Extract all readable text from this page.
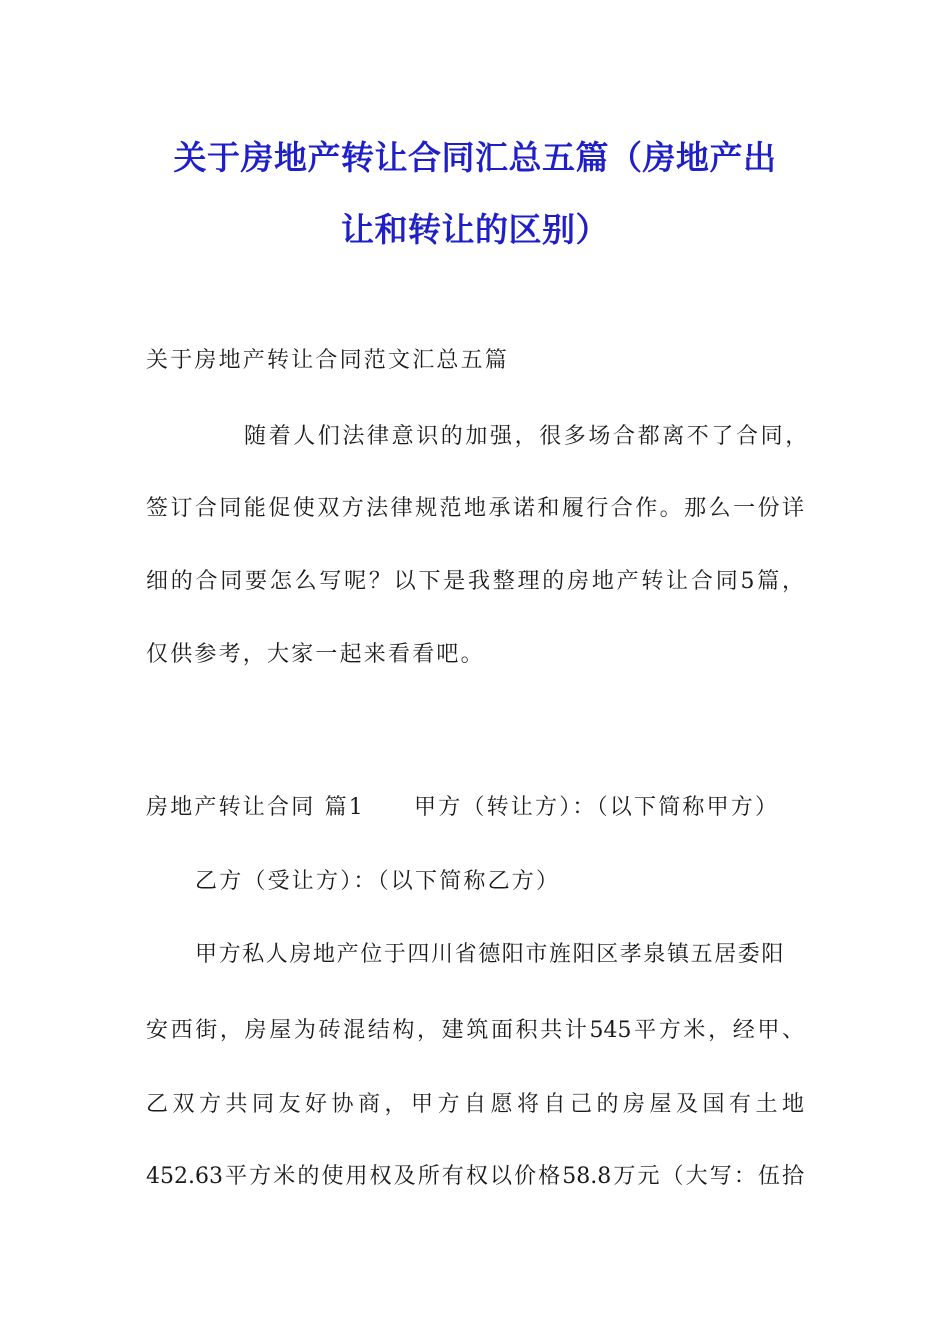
关于房地产转让合同汇总五篇（房地产出
让和转让的区别）
关于房地产转让合同范文汇总五篇
随着人们法律意识的加强，很多场合都离不了合同，
签订合同能促使双方法律规范地承诺和履行合作。那么一份详
细的合同要怎么写呢？以下是我整理的房地产转让合同5篇，
仅供参考，大家一起来看看吧。
房地产转让合同 篇1 甲方（转让方）：（以下简称甲方）
乙方（受让方）：（以下简称乙方）
甲方私人房地产位于四川省德阳市旌阳区孝泉镇五居委阳
安西街，房屋为砖混结构，建筑面积共计545平方米，经甲、
乙双方共同友好协商，甲方自愿将自己的房屋及国有土地
452.63平方米的使用权及所有权以价格58.8万元（大写：伍拾
